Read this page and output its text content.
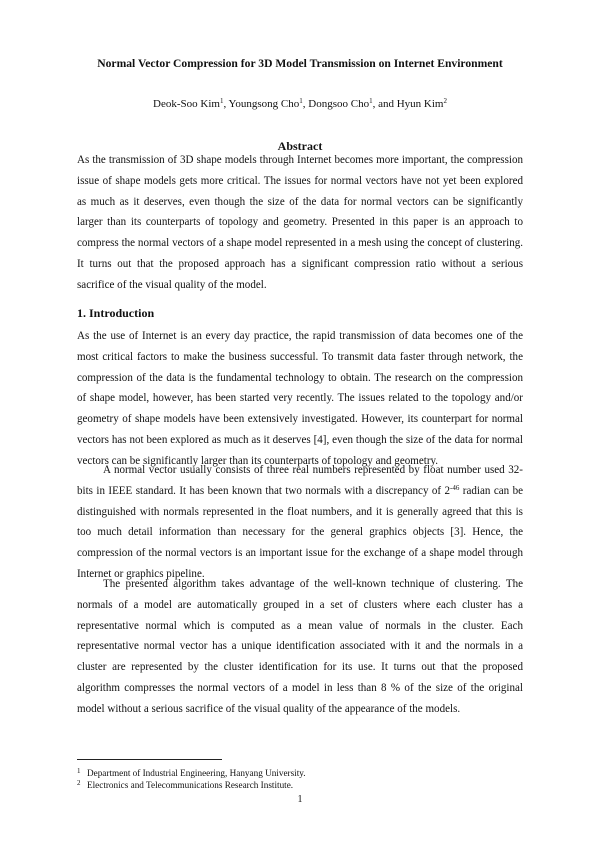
Normal Vector Compression for 3D Model Transmission on Internet Environment
Deok-Soo Kim$^1$, Youngsong Cho$^1$, Dongsoo Cho$^1$, and Hyun Kim$^2$
Abstract
As the transmission of 3D shape models through Internet becomes more important, the compression
issue of shape models gets more critical. The issues for normal vectors have not yet been explored
as much as it deserves, even though the size of the data for normal vectors can be significantly
larger than its counterparts of topology and geometry. Presented in this paper is an approach to
compress the normal vectors of a shape model represented in a mesh using the concept of clustering.
It turns out that the proposed approach has a significant compression ratio without a serious
sacrifice of the visual quality of the model.
1. Introduction
As the use of Internet is an every day practice, the rapid transmission of data becomes one of the
most critical factors to make the business successful. To transmit data faster through network, the
compression of the data is the fundamental technology to obtain. The research on the compression
of shape model, however, has been started very recently. The issues related to the topology and/or
geometry of shape models have been extensively investigated. However, its counterpart for normal
vectors has not been explored as much as it deserves [4], even though the size of the data for normal
vectors can be significantly larger than its counterparts of topology and geometry.
A normal vector usually consists of three real numbers represented by float number used 32-
bits in IEEE standard. It has been known that two normals with a discrepancy of $2^{-46}$ radian can be
distinguished with normals represented in the float numbers, and it is generally agreed that this is
too much detail information than necessary for the general graphics objects [3]. Hence, the
compression of the normal vectors is an important issue for the exchange of a shape model through
Internet or graphics pipeline.
The presented algorithm takes advantage of the well-known technique of clustering. The
normals of a model are automatically grouped in a set of clusters where each cluster has a
representative normal which is computed as a mean value of normals in the cluster. Each
representative normal vector has a unique identification associated with it and the normals in a
cluster are represented by the cluster identification for its use. It turns out that the proposed
algorithm compresses the normal vectors of a model in less than 8 % of the size of the original
model without a serious sacrifice of the visual quality of the appearance of the models.
1 Department of Industrial Engineering, Hanyang University.
2 Electronics and Telecommunications Research Institute.
1
